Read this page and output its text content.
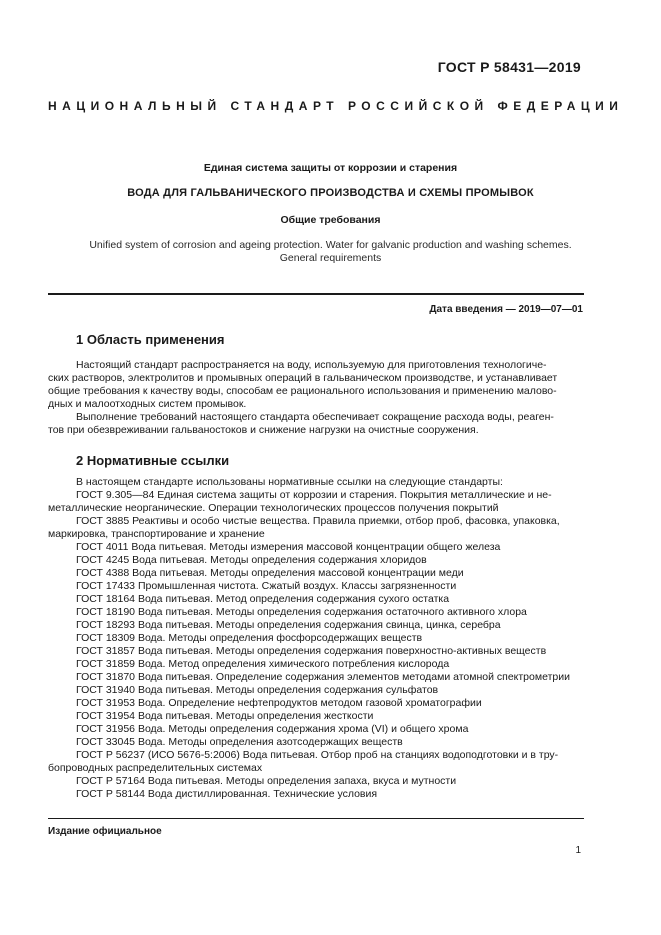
ГОСТ Р 58431—2019
НАЦИОНАЛЬНЫЙ СТАНДАРТ РОССИЙСКОЙ ФЕДЕРАЦИИ
Единая система защиты от коррозии и старения
ВОДА ДЛЯ ГАЛЬВАНИЧЕСКОГО ПРОИЗВОДСТВА И СХЕМЫ ПРОМЫВОК
Общие требования
Unified system of corrosion and ageing protection. Water for galvanic production and washing schemes.
General requirements
Дата введения — 2019—07—01
1 Область применения
Настоящий стандарт распространяется на воду, используемую для приготовления технологиче-
ских растворов, электролитов и промывных операций в гальваническом производстве, и устанавливает
общие требования к качеству воды, способам ее рационального использования и применению малово-
дных и малоотходных систем промывок.
Выполнение требований настоящего стандарта обеспечивает сокращение расхода воды, реаген-
тов при обезвреживании гальваностоков и снижение нагрузки на очистные сооружения.
2 Нормативные ссылки
В настоящем стандарте использованы нормативные ссылки на следующие стандарты:
ГОСТ 9.305—84 Единая система защиты от коррозии и старения. Покрытия металлические и не-
металлические неорганические. Операции технологических процессов получения покрытий
ГОСТ 3885 Реактивы и особо чистые вещества. Правила приемки, отбор проб, фасовка, упаковка,
маркировка, транспортирование и хранение
ГОСТ 4011 Вода питьевая. Методы измерения массовой концентрации общего железа
ГОСТ 4245 Вода питьевая. Методы определения содержания хлоридов
ГОСТ 4388 Вода питьевая. Методы определения массовой концентрации меди
ГОСТ 17433 Промышленная чистота. Сжатый воздух. Классы загрязненности
ГОСТ 18164 Вода питьевая. Метод определения содержания сухого остатка
ГОСТ 18190 Вода питьевая. Методы определения содержания остаточного активного хлора
ГОСТ 18293 Вода питьевая. Методы определения содержания свинца, цинка, серебра
ГОСТ 18309 Вода. Методы определения фосфорсодержащих веществ
ГОСТ 31857 Вода питьевая. Методы определения содержания поверхностно-активных веществ
ГОСТ 31859 Вода. Метод определения химического потребления кислорода
ГОСТ 31870 Вода питьевая. Определение содержания элементов методами атомной спектрометрии
ГОСТ 31940 Вода питьевая. Методы определения содержания сульфатов
ГОСТ 31953 Вода. Определение нефтепродуктов методом газовой хроматографии
ГОСТ 31954 Вода питьевая. Методы определения жесткости
ГОСТ 31956 Вода. Методы определения содержания хрома (VI) и общего хрома
ГОСТ 33045 Вода. Методы определения азотсодержащих веществ
ГОСТ Р 56237 (ИСО 5676-5:2006) Вода питьевая. Отбор проб на станциях водоподготовки и в тру-
бопроводных распределительных системах
ГОСТ Р 57164 Вода питьевая. Методы определения запаха, вкуса и мутности
ГОСТ Р 58144 Вода дистиллированная. Технические условия
Издание официальное
1
